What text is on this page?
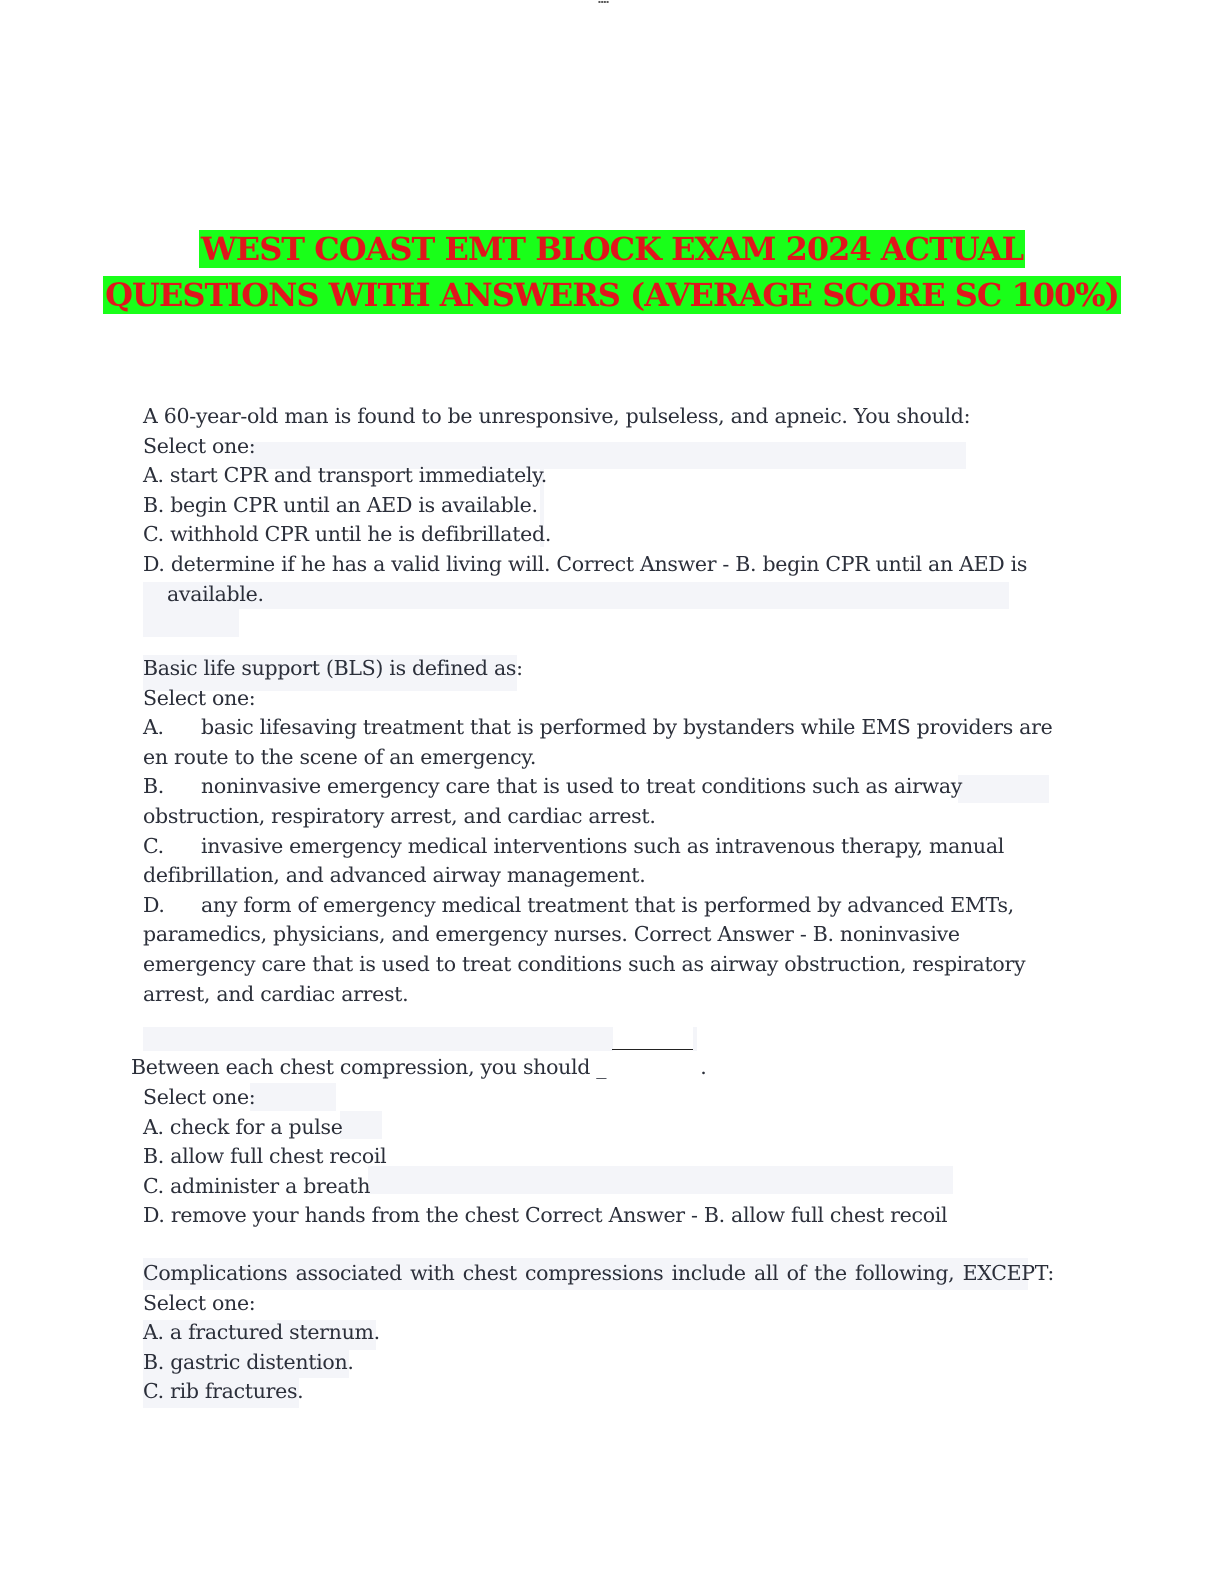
▪▪▪▪
WEST COAST EMT BLOCK EXAM 2024 ACTUAL
QUESTIONS WITH ANSWERS (AVERAGE SCORE SC 100%)
A 60-year-old man is found to be unresponsive, pulseless, and apneic. You should:
Select one:
A. start CPR and transport immediately.
B. begin CPR until an AED is available.
C. withhold CPR until he is defibrillated.
D. determine if he has a valid living will. Correct Answer - B. begin CPR until an AED is
available.
Basic life support (BLS) is defined as:
Select one:
A. basic lifesaving treatment that is performed by bystanders while EMS providers are
en route to the scene of an emergency.
B. noninvasive emergency care that is used to treat conditions such as airway
obstruction, respiratory arrest, and cardiac arrest.
C. invasive emergency medical interventions such as intravenous therapy, manual
defibrillation, and advanced airway management.
D. any form of emergency medical treatment that is performed by advanced EMTs,
paramedics, physicians, and emergency nurses. Correct Answer - B. noninvasive
emergency care that is used to treat conditions such as airway obstruction, respiratory
arrest, and cardiac arrest.
Between each chest compression, you should _	.
Select one:
A. check for a pulse
B. allow full chest recoil
C. administer a breath
D. remove your hands from the chest Correct Answer - B. allow full chest recoil
Complications associated with chest compressions include all of the following, EXCEPT:
Select one:
A. a fractured sternum.
B. gastric distention.
C. rib fractures.
